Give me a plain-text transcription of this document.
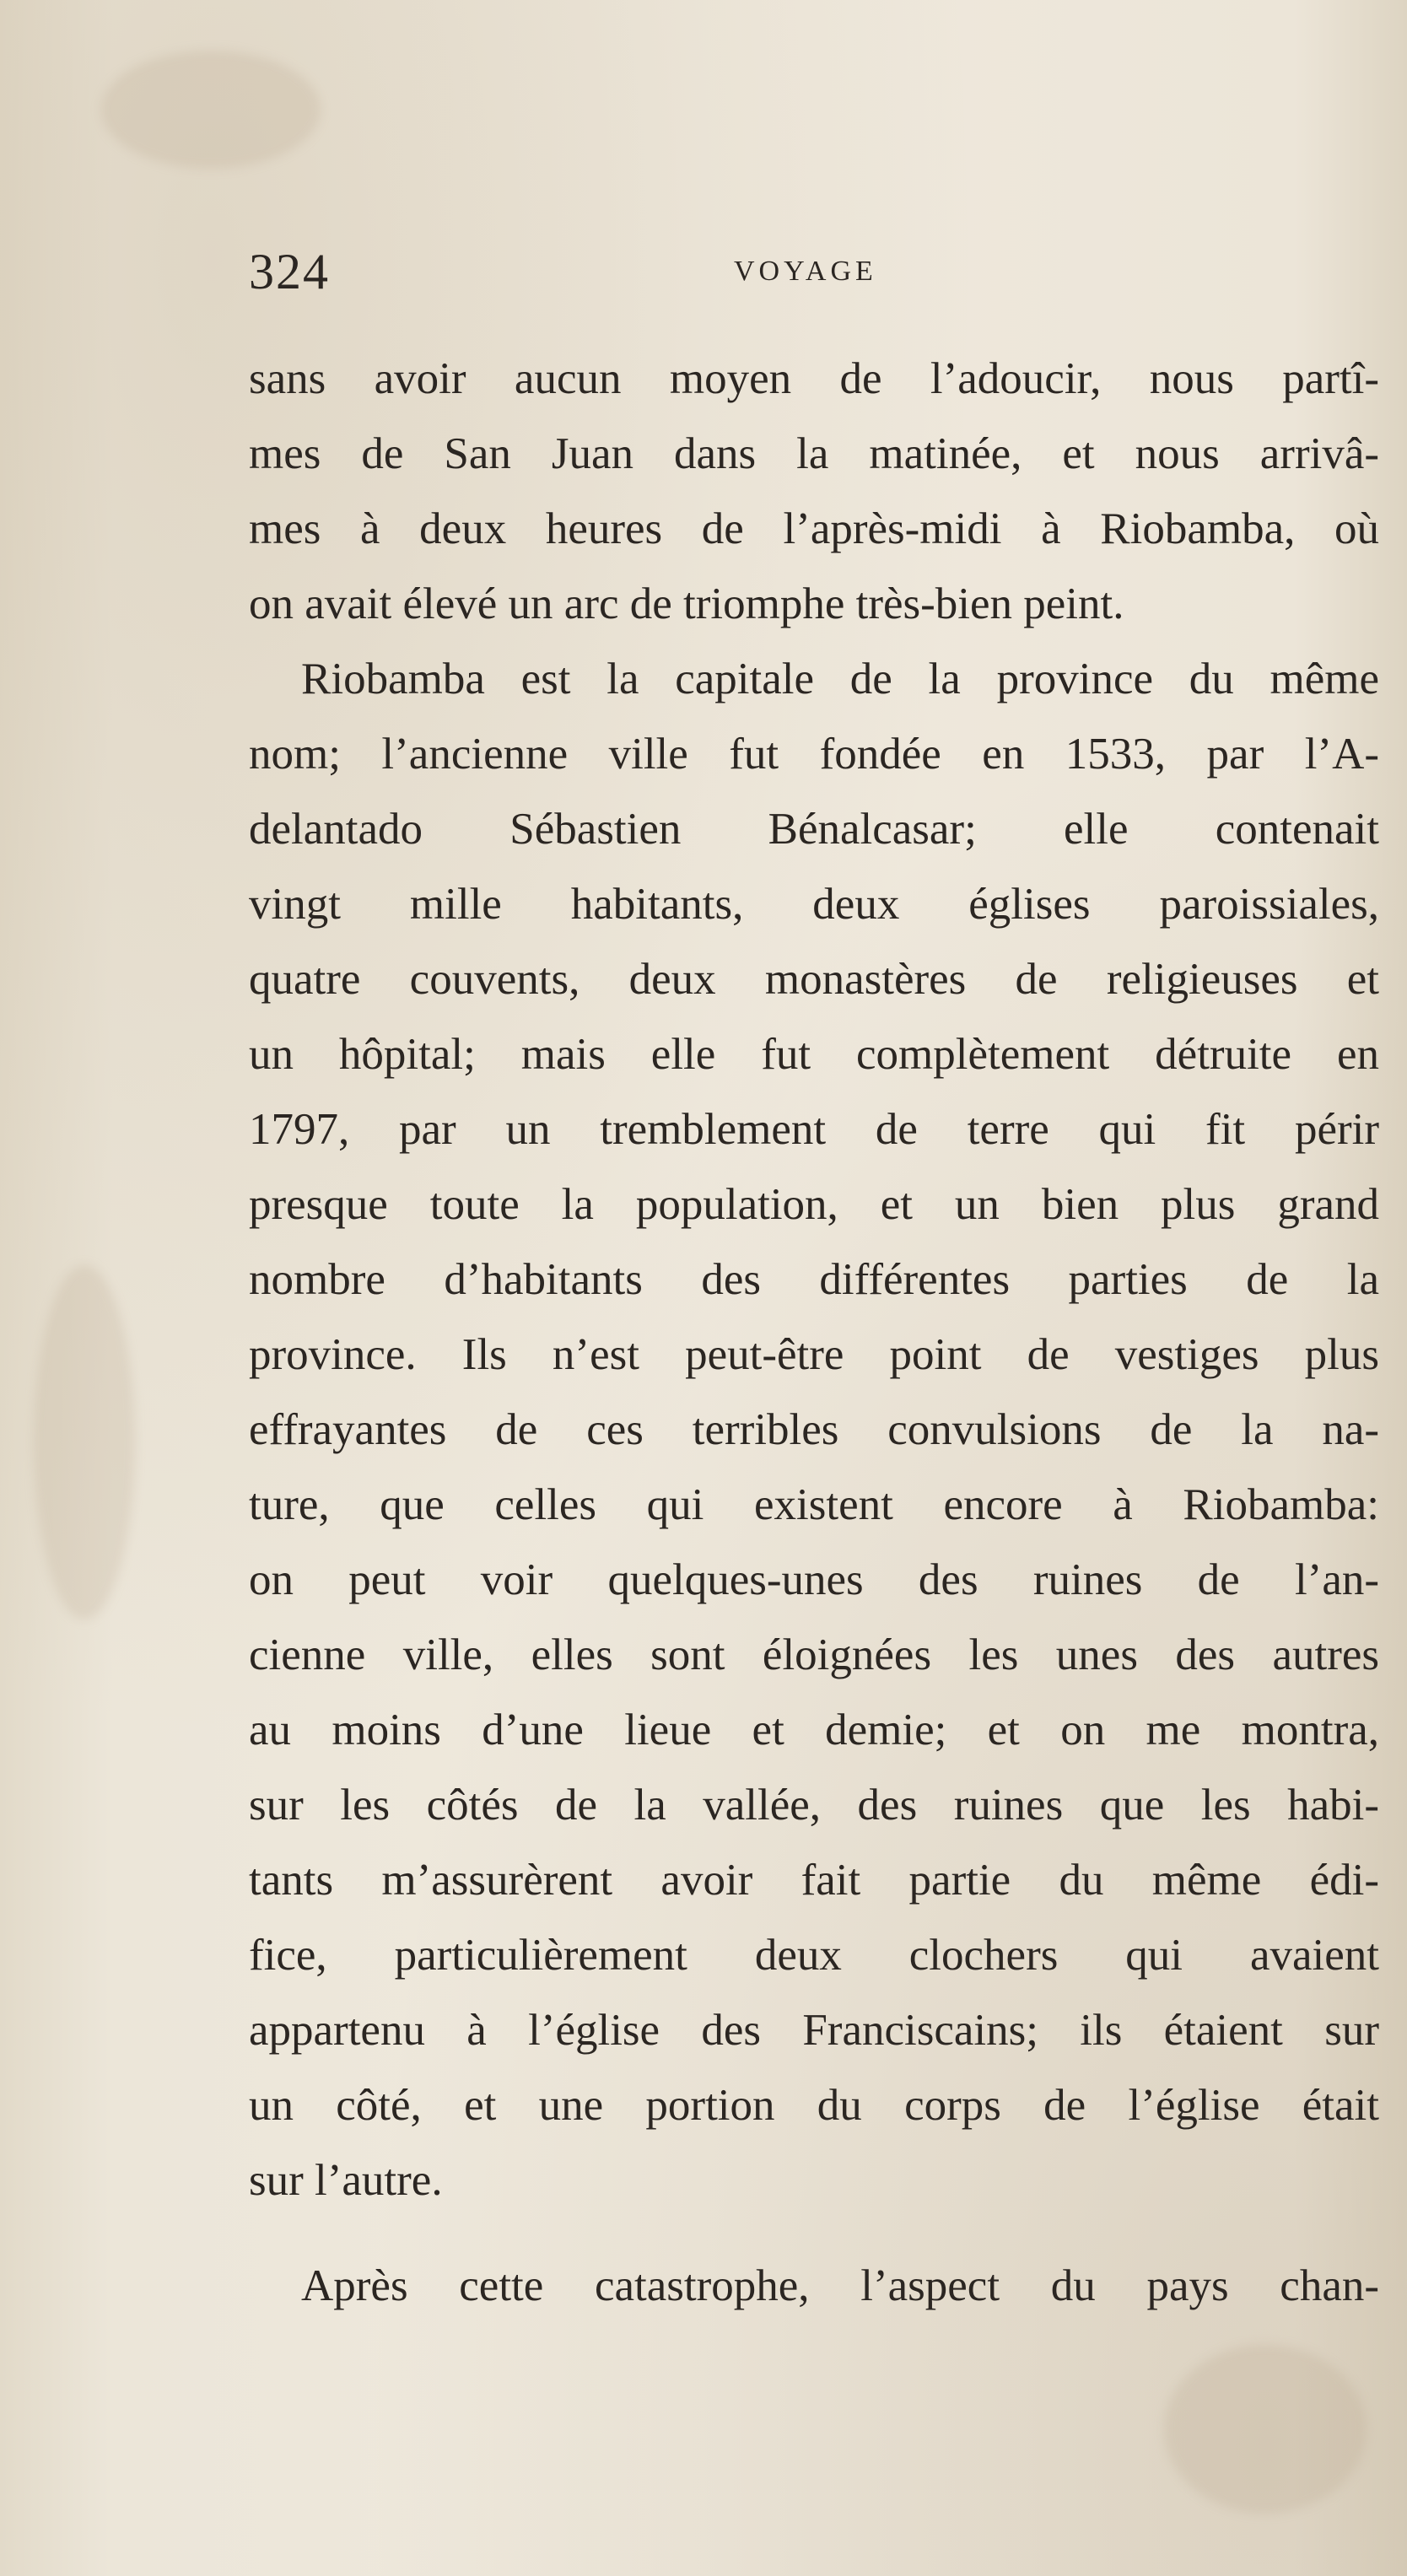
324	VOYAGE
sans avoir aucun moyen de l’adoucir, nous partî-
mes de San Juan dans la matinée, et nous arrivâ-
mes à deux heures de l’après-midi à Riobamba, où
on avait élevé un arc de triomphe très-bien peint.
Riobamba est la capitale de la province du même
nom; l’ancienne ville fut fondée en 1533, par l’A-
delantado Sébastien Bénalcasar; elle contenait
vingt mille habitants, deux églises paroissiales,
quatre couvents, deux monastères de religieuses et
un hôpital; mais elle fut complètement détruite en
1797, par un tremblement de terre qui fit périr
presque toute la population, et un bien plus grand
nombre d’habitants des différentes parties de la
province. Ils n’est peut-être point de vestiges plus
effrayantes de ces terribles convulsions de la na-
ture, que celles qui existent encore à Riobamba:
on peut voir quelques-unes des ruines de l’an-
cienne ville, elles sont éloignées les unes des autres
au moins d’une lieue et demie; et on me montra,
sur les côtés de la vallée, des ruines que les habi-
tants m’assurèrent avoir fait partie du même édi-
fice, particulièrement deux clochers qui avaient
appartenu à l’église des Franciscains; ils étaient sur
un côté, et une portion du corps de l’église était
sur l’autre.
Après cette catastrophe, l’aspect du pays chan-
